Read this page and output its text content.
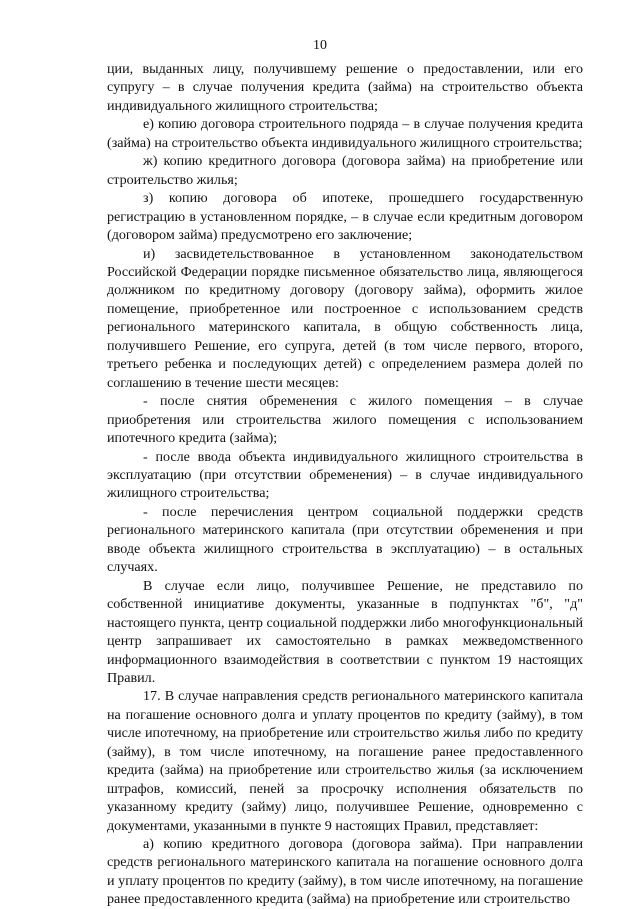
10

ции, выданных лицу, получившему решение о предоставлении, или его супругу – в случае получения кредита (займа) на строительство объекта индивидуального жилищного строительства;

е) копию договора строительного подряда – в случае получения кредита (займа) на строительство объекта индивидуального жилищного строительства;

ж) копию кредитного договора (договора займа) на приобретение или строительство жилья;

з) копию договора об ипотеке, прошедшего государственную регистрацию в установленном порядке, – в случае если кредитным договором (договором займа) предусмотрено его заключение;

и) засвидетельствованное в установленном законодательством Российской Федерации порядке письменное обязательство лица, являющегося должником по кредитному договору (договору займа), оформить жилое помещение, приобретенное или построенное с использованием средств регионального материнского капитала, в общую собственность лица, получившего Решение, его супруга, детей (в том числе первого, второго, третьего ребенка и последующих детей) с определением размера долей по соглашению в течение шести месяцев:

- после снятия обременения с жилого помещения – в случае приобретения или строительства жилого помещения с использованием ипотечного кредита (займа);

- после ввода объекта индивидуального жилищного строительства в эксплуатацию (при отсутствии обременения) – в случае индивидуального жилищного строительства;

- после перечисления центром социальной поддержки средств регионального материнского капитала (при отсутствии обременения и при вводе объекта жилищного строительства в эксплуатацию) – в остальных случаях.

В случае если лицо, получившее Решение, не представило по собственной инициативе документы, указанные в подпунктах "б", "д" настоящего пункта, центр социальной поддержки либо многофункциональный центр запрашивает их самостоятельно в рамках межведомственного информационного взаимодействия в соответствии с пунктом 19 настоящих Правил.

17. В случае направления средств регионального материнского капитала на погашение основного долга и уплату процентов по кредиту (займу), в том числе ипотечному, на приобретение или строительство жилья либо по кредиту (займу), в том числе ипотечному, на погашение ранее предоставленного кредита (займа) на приобретение или строительство жилья (за исключением штрафов, комиссий, пеней за просрочку исполнения обязательств по указанному кредиту (займу) лицо, получившее Решение, одновременно с документами, указанными в пункте 9 настоящих Правил, представляет:

а) копию кредитного договора (договора займа). При направлении средств регионального материнского капитала на погашение основного долга и уплату процентов по кредиту (займу), в том числе ипотечному, на погашение ранее предоставленного кредита (займа) на приобретение или строительство
